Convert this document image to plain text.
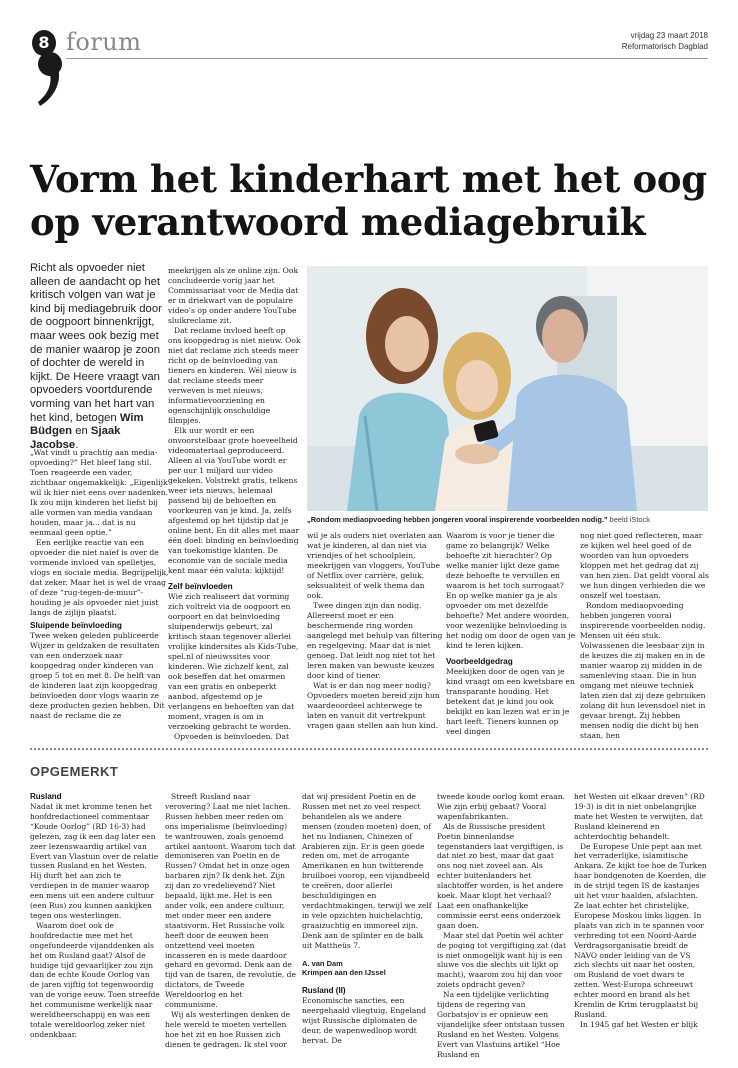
8 forum	vrijdag 23 maart 2018
Reformatorisch Dagblad
Vorm het kinderhart met het oog op verantwoord mediagebruik
Richt als opvoeder niet alleen de aandacht op het kritisch volgen van wat je kind bij mediagebruik door de oogpoort binnenkrijgt, maar wees ook bezig met de manier waarop je zoon of dochter de wereld in kijkt. De Heere vraagt van opvoeders voortdurende vorming van het hart van het kind, betogen Wim Büdgen en Sjaak Jacobse.

„Wat vindt u prachtig aan media-opvoeding?” Het bleef lang stil. Toen reageerde een vader, zichtbaar ongemakkelijk: „Eigenlijk wil ik hier niet eens over nadenken. Ik zou mijn kinderen het liefst bij alle vormen van media vandaan houden, maar ja... dat is nu eenmaal geen optie.”

Een eerlijke reactie van een opvoeder die niet naïef is over de vormende invloed van spelletjes, vlogs en sociale media. Begrijpelijk, dat zeker. Maar het is wel de vraag of deze “rug-tegen-de-muur”-houding je als opvoeder niet juist langs de zijlijn plaatst.

Sluipende beïnvloeding

Twee weken geleden publiceerde Wijzer in geldzaken de resultaten van een onderzoek naar koopgedrag onder kinderen van groep 5 tot en met 8. De helft van de kinderen laat zijn koopgedrag beïnvloeden door vlogs waarin ze deze producten gezien hebben. Dit naast de reclame die ze

meekrijgen als ze online zijn. Ook concludeerde vorig jaar het Commissariaat voor de Media dat er in driekwart van de populaire video’s op onder andere YouTube sluikreclame zit.

Dat reclame invloed heeft op ons koopgedrag is niet nieuw. Ook niet dat reclame zich steeds meer richt op de beïnvloeding van tieners en kinderen. Wél nieuw is dat reclame steeds meer verweven is met nieuws, informatievoorziening en ogenschijnlijk onschuldige filmpjes.

Elk uur wordt er een onvoorstelbaar grote hoeveelheid videomateriaal geproduceerd. Alleen al via YouTube wordt er per uur 1 miljard uur video gekeken. Volstrekt gratis, telkens weer iets nieuws, helemaal passend bij de behoeften en voorkeuren van je kind. Ja, zelfs afgestemd op het tijdstip dat je online bent. En dit alles met maar één doel: binding en beïnvloeding van toekomstige klanten. De economie van de sociale media kent maar één valuta: kijktijd!

Zelf beïnvloeden

Wie zich realiseert dat vorming zich voltrekt via de oogpoort en oorpoort en dat beïnvloeding sluipenderwijs gebeurt, zal kritisch staan tegenover allerlei vrolijke kindersites als Kids-Tube, spel.nl of nieuwssites voor kinderen. Wie zichzelf kent, zal ook beseffen dat het omarmen van een gratis en onbeperkt aanbod, afgestemd op je verlangens en behoeften van dat moment, vragen is om in verzoeking gebracht te worden.

Opvoeden is beïnvloeden. Dat

„Rondom mediaopvoeding hebben jongeren vooral inspirerende voorbeelden nodig.” beeld iStock

wil je als ouders niet overlaten aan wat je kinderen, al dan niet via vriendjes of het schoolplein, meekrijgen van vloggers, YouTube of Netflix over carrière, geluk, seksualiteit of welk thema dan ook.

Twee dingen zijn dan nodig. Allereerst moet er een beschermende ring worden aangelegd met behulp van filtering en regelgeving. Maar dat is niet genoeg. Dat leidt nog niet tot het leren maken van bewuste keuzes door kind of tiener.

Wat is er dan nog meer nodig? Opvoeders moeten bereid zijn hun waardeoordeel achterwege te laten en vanuit dit vertrekpunt vragen gaan stellen aan hun kind.

Waarom is voor je tiener die game zo belangrijk? Welke behoefte zit hierachter? Op welke manier lijkt deze game deze behoefte te vervullen en waarom is het toch surrogaat? En op welke manier ga je als opvoeder om met dezelfde behoefte? Met andere woorden, voor wezenlijke beïnvloeding is het nodig om door de ogen van je kind te leren kijken.

Voorbeeldgedrag

Meekijken door de ogen van je kind vraagt om een kwetsbare en transparante houding. Het betekent dat je kind jou ook bekijkt en kan lezen wat er in je hart leeft. Tieners kunnen op veel dingen

nog niet goed reflecteren, maar ze kijken wel heel goed of de woorden van hun opvoeders kloppen met het gedrag dat zij van hen zien. Dat geldt vooral als we hun dingen verbieden die we onszelf wel toestaan.

Rondom mediaopvoeding hebben jongeren vooral inspirerende voorbeelden nodig. Mensen uit één stuk. Volwassenen die leesbaar zijn in de keuzes die zij maken en in de manier waarop zij midden in de samenleving staan. Die in hun omgang met nieuwe techniek laten zien dat zij deze gebruiken zolang dit hun levensdoel niet in gevaar brengt. Zij hebben mensen nodig die dicht bij hen staan, hen

OPGEMERKT
Rusland

Nadat ik met kromme tenen het hoofdredactioneel commentaar “Koude Oorlog” (RD 16-3) had gelezen, zag ik een dag later een zeer lezenswaardig artikel van Evert van Vlastuin over de relatie tussen Rusland en het Westen. Hij durft het aan zich te verdiepen in de manier waarop een mens uit een andere cultuur (een Rus) zou kunnen aankijken tegen ons westerlingen.

Waarom doet ook de hoofdredactie mee met het ongefundeerde vijanddenken als het om Rusland gaat? Alsof de huidige tijd gevaarlijker zou zijn dan de echte Koude Oorlog van de jaren vijftig tot tegenwoordig van de vorige eeuw. Toen streefde het communisme werkelijk naar wereldheerschappij en was een totale wereldoorlog zeker niet ondenkbaar.

Streeft Rusland naar verovering? Laat me niet lachen. Russen hebben meer reden om ons imperialisme (beïnvloeding) te wantrouwen, zoals genoemd artikel aantoont. Waarom toch dat demoniseren van Poetin en de Russen? Omdat het in onze ogen barbaren zijn? Ik denk het. Zijn zij dan zo vredelievend? Niet bepaald, lijkt me. Het is een ander volk, een andere cultuur, met onder meer een andere staatsvorm. Het Russische volk heeft door de eeuwen heen ontzettend veel moeten incasseren en is mede daardoor gehard en gevormd. Denk aan de tijd van de tsaren, de revolutie, de dictators, de Tweede Wereldoorlog en het communisme.

Wij als westerlingen denken de hele wereld te moeten vertellen hoe het zit en hoe Russen zich dienen te gedragen. Ik stel voor

dat wij president Poetin en de Russen met net zo veel respect behandelen als we andere mensen (zouden moeten) doen, of het nu Indianen, Chinezen of Arabieren zijn. Er is geen goede reden om, met de arrogante Amerikanen en hun twitterende bruilboei voorop, een vijandbeeld te creëren, door allerlei beschuldigingen en verdachtmakingen, terwijl we zelf in vele opzichten huichelachtig, graaizuchtig en immoreel zijn. Denk aan de splinter en de balk uit Mattheüs 7.

A. van Dam
Krimpen aan den IJssel
Rusland (II)

Economische sancties, een neergehaald vliegtuig, Engeland wijst Russische diplomaten de deur, de wapenwedloop wordt hervat. De

tweede koude oorlog komt eraan. Wie zijn erbij gebaat? Vooral wapenfabrikanten.

Als de Russische president Poetin binnenlandse tegenstanders laat vergiftigen, is dat niet zo best, maar dat gaat ons nog niet zoveel aan. Als echter buitenlanders het slachtoffer worden, is het andere koek. Maar klopt het verhaal? Laat een onafhankelijke commissie eerst eens onderzoek gaan doen.

Maar stel dat Poetin wél achter de poging tot vergiftiging zat (dat is niet onmogelijk want hij is een sluwe vos die slechts uit lijkt op macht), waarom zou hij dan voor zoiets opdracht geven?

Na een tijdelijke verlichting tijdens de regering van Gorbatsjov is er opnieuw een vijandelijke sfeer ontstaan tussen Rusland en het Westen. Volgens Evert van Vlastuins artikel “Hoe Rusland en

het Westen uit elkaar dreven” (RD 19-3) is dit in niet onbelangrijke mate het Westen te verwijten, dat Rusland kleinerend en achterdochtig behandelt.

De Europese Unie pept aan met het verraderlijke, islamitische Ankara. Ze kijkt toe hoe de Turken haar bondgenoten de Koerden, die in de strijd tegen IS de kastanjes uit het vuur haalden, afslachten. Ze laat echter het christelijke, Europese Moskou links liggen. In plaats van zich in te spannen voor verbreding tot een Noord-Aarde Verdragsorganisatie breidt de NAVO onder leiding van de VS zich slechts uit naar het oosten, om Rusland de voet dwars te zetten. West-Europa schreeuwt echter moord en brand als het Kremlin de Krim terugplaatst bij Rusland.

In 1945 gaf het Westen er blijk
